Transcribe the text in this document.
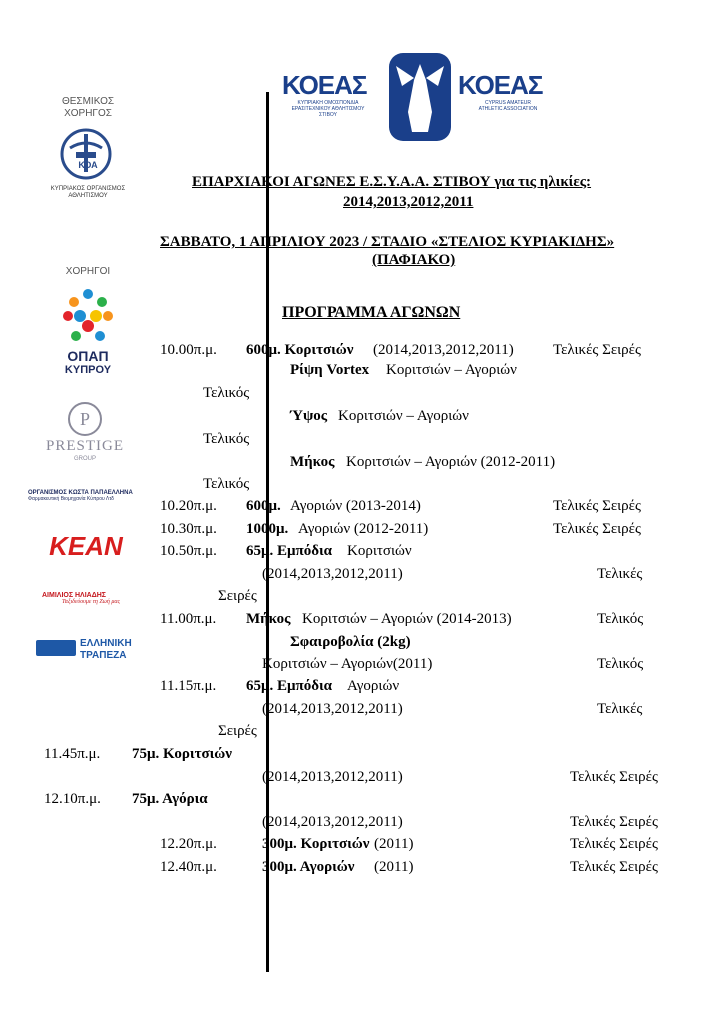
ΘΕΣΜΙΚΟΣ ΧΟΡΗΓΟΣ
ΚΟΑ
ΚΥΠΡΙΑΚΟΣ ΟΡΓΑΝΙΣΜΟΣ ΑΘΛΗΤΙΣΜΟΥ
ΧΟΡΗΓΟΙ
ΟΠΑΠ
ΚΥΠΡΟΥ
P
PRESTIGE
GROUP
ΟΡΓΑΝΙΣΜΟΣ ΚΩΣΤΑ ΠΑΠΑΕΛΛΗΝΑ
Φαρμακευτική Βιομηχανία Κύπρου Λτδ
ΚΕΑΝ
ΑΙΜΙΛΙΟΣ ΗΛΙΑΔΗΣ
Ταξιδεύουμε τη Ζωή μας
ΕΛΛΗΝΙΚΗ
ΤΡΑΠΕΖΑ
ΚΟΕΑΣ
ΚΥΠΡΙΑΚΗ ΟΜΟΣΠΟΝΔΙΑ ΕΡΑΣΙΤΕΧΝΙΚΟΥ ΑΘΛΗΤΙΣΜΟΥ ΣΤΙΒΟΥ
ΚΟΕΑΣ
CYPRUS AMATEUR ATHLETIC ASSOCIATION
ΕΠΑΡΧΙΑΚΟΙ ΑΓΩΝΕΣ Ε.Σ.Υ.Α.Α. ΣΤΙΒΟΥ για τις ηλικίες:
2014,2013,2012,2011
ΣΑΒΒΑΤΟ, 1 ΑΠΡΙΛΙΟΥ 2023 / ΣΤΑΔΙΟ «ΣΤΕΛΙΟΣ ΚΥΡΙΑΚΙΔΗΣ»
(ΠΑΦΙΑΚΟ)
ΠΡΟΓΡΑΜΜΑ ΑΓΩΝΩΝ
10.00π.μ. 600μ. Κοριτσιών (2014,2013,2012,2011)	Τελικές Σειρές
Ρίψη Vortex Κοριτσιών – Αγοριών
Τελικός
Ύψος Κοριτσιών – Αγοριών
Τελικός
Μήκος Κοριτσιών – Αγοριών (2012-2011)
Τελικός
10.20π.μ. 600μ. Αγοριών (2013-2014)	Τελικές Σειρές
10.30π.μ. 1000μ. Αγοριών (2012-2011)	Τελικές Σειρές
10.50π.μ. 65μ. Εμπόδια Κοριτσιών
(2014,2013,2012,2011)	Τελικές
Σειρές
11.00π.μ. Μήκος Κοριτσιών – Αγοριών (2014-2013)	Τελικός
Σφαιροβολία (2kg)
Κοριτσιών – Αγοριών(2011)	Τελικός
11.15π.μ. 65μ. Εμπόδια Αγοριών
(2014,2013,2012,2011)	Τελικές
Σειρές
11.45π.μ. 75μ. Κοριτσιών
(2014,2013,2012,2011)	Τελικές Σειρές
12.10π.μ. 75μ. Αγόρια
(2014,2013,2012,2011)	Τελικές Σειρές
12.20π.μ.	300μ. Κοριτσιών (2011)	Τελικές Σειρές
12.40π.μ.	300μ. Αγοριών (2011)	Τελικές Σειρές
